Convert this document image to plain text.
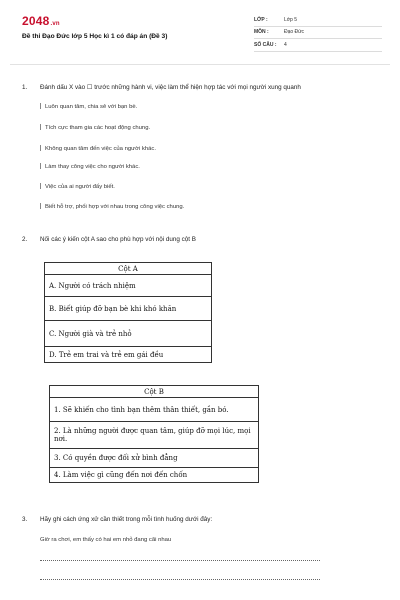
2048.vn
Đề thi Đạo Đức lớp 5 Học kì 1 có đáp án (Đề 3)
LỚP :	Lớp 5
MÔN :	Đạo Đức
SỐ CÂU :	4
1. Đánh dấu X vào ☐ trước những hành vi, việc làm thể hiện hợp tác với mọi người xung quanh
Luôn quan tâm, chia sẻ với bạn bè.
Tích cực tham gia các hoạt động chung.
Không quan tâm đến việc của người khác.
Làm thay công việc cho người khác.
Việc của ai người đấy biết.
Biết hỗ trợ, phối hợp với nhau trong công việc chung.
2. Nối các ý kiến cột A sao cho phù hợp với nội dung cột B
Cột A
A. Người có trách nhiệm
B. Biết giúp đỡ bạn bè khi khó khăn
C. Người già và trẻ nhỏ
D. Trẻ em trai và trẻ em gái đều
Cột B
1. Sẽ khiến cho tình bạn thêm thân thiết, gắn bó.
2. Là những người được quan tâm, giúp đỡ mọi lúc, mọi nơi.
3. Có quyền được đối xử bình đẳng
4. Làm việc gì cũng đến nơi đến chốn
3. Hãy ghi cách ứng xử cần thiết trong mỗi tình huống dưới đây:
Giờ ra chơi, em thấy có hai em nhỏ đang cãi nhau
